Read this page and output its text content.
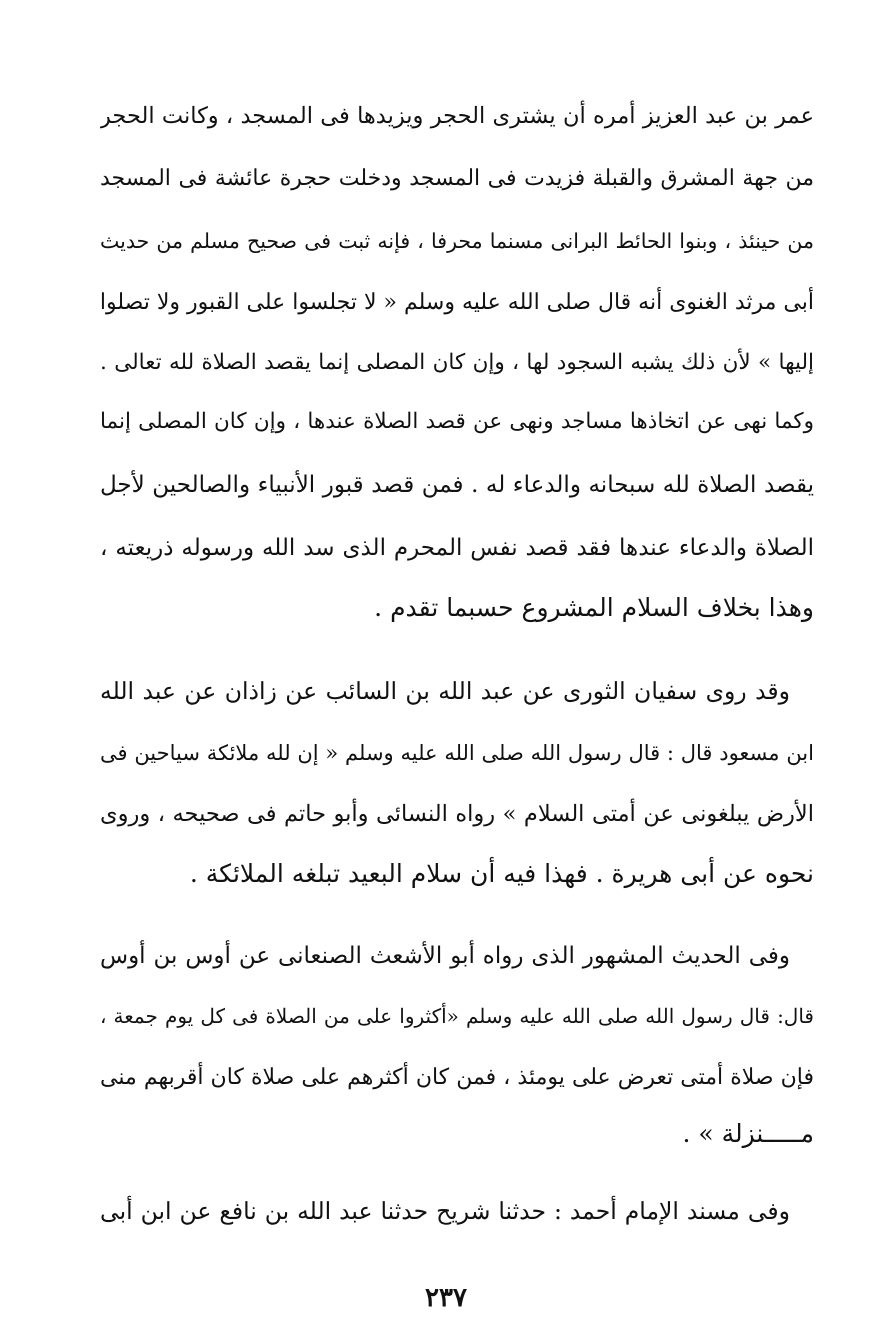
عمر بن عبد العزيز أمره أن يشترى الحجر ويزيدها فى المسجد ، وكانت الحجر

من جهة المشرق والقبلة فزيدت فى المسجد ودخلت حجرة عائشة فى المسجد

من حينئذ ، وبنوا الحائط البرانى مسنما محرفا ، فإنه ثبت فى صحيح مسلم من حديث

أبى مرثد الغنوى أنه قال صلى الله عليه وسلم « لا تجلسوا على القبور ولا تصلوا

إليها » لأن ذلك يشبه السجود لها ، وإن كان المصلى إنما يقصد الصلاة لله تعالى .

وكما نهى عن اتخاذها مساجد ونهى عن قصد الصلاة عندها ، وإن كان المصلى إنما

يقصد الصلاة لله سبحانه والدعاء له . فمن قصد قبور الأنبياء والصالحين لأجل

الصلاة والدعاء عندها فقد قصد نفس المحرم الذى سد الله ورسوله ذريعته ،

وهذا بخلاف السلام المشروع حسبما تقدم .

وقد روى سفيان الثورى عن عبد الله بن السائب عن زاذان عن عبد الله

ابن مسعود قال : قال رسول الله صلى الله عليه وسلم « إن لله ملائكة سياحين فى

الأرض يبلغونى عن أمتى السلام » رواه النسائى وأبو حاتم فى صحيحه ، وروى

نحوه عن أبى هريرة . فهذا فيه أن سلام البعيد تبلغه الملائكة .

وفى الحديث المشهور الذى رواه أبو الأشعث الصنعانى عن أوس بن أوس

قال: قال رسول الله صلى الله عليه وسلم «أكثروا على من الصلاة فى كل يوم جمعة ،

فإن صلاة أمتى تعرض على يومئذ ، فمن كان أكثرهم على صلاة كان أقربهم منى

مـــــنزلة » .

وفى مسند الإمام أحمد : حدثنا شريح حدثنا عبد الله بن نافع عن ابن أبى

٢٣٧
